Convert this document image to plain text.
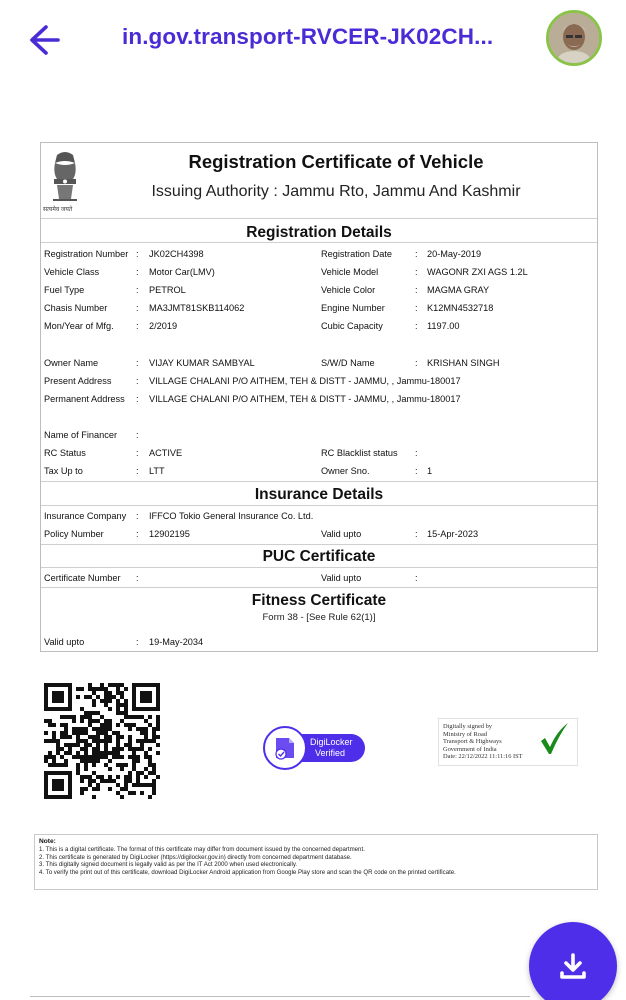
in.gov.transport-RVCER-JK02CH...
सत्यमेव जयते
Registration Certificate of Vehicle
Issuing Authority : Jammu Rto, Jammu And Kashmir
Registration Details
Registration Number : JK02CH4398	Registration Date	: 20-May-2019
Vehicle Class	: Motor Car(LMV)	Vehicle Model	: WAGONR ZXI AGS 1.2L
Fuel Type	: PETROL	Vehicle Color	: MAGMA GRAY
Chasis Number	: MA3JMT81SKB114062	Engine Number	: K12MN4532718
Mon/Year of Mfg. : 2/2019	Cubic Capacity	: 1197.00
Owner Name	: VIJAY KUMAR SAMBYAL	S/W/D Name	: KRISHAN SINGH
Present Address	: VILLAGE CHALANI P/O AITHEM, TEH & DISTT - JAMMU, , Jammu-180017
Permanent Address : VILLAGE CHALANI P/O AITHEM, TEH & DISTT - JAMMU, , Jammu-180017
Name of Financer :
RC Status	: ACTIVE	RC Blacklist status :
Tax Up to	: LTT	Owner Sno.	: 1
Insurance Details
Insurance Company : IFFCO Tokio General Insurance Co. Ltd.
Policy Number	: 12902195	Valid upto	: 15-Apr-2023
PUC Certificate
Certificate Number :	Valid upto	:
Fitness Certificate
Form 38 - [See Rule 62(1)]
Valid upto	: 19-May-2034
DigiLocker
Verified
Digitally signed by
Ministry of Road
Transport & Highways
Government of India
Date: 22/12/2022 11:11:16 IST
Note:
1. This is a digital certificate. The format of this certificate may differ from document issued by the concerned department.
2. This certificate is generated by DigiLocker (https://digilocker.gov.in) directly from concerned department database.
3. This digitally signed document is legally valid as per the IT Act 2000 when used electronically.
4. To verify the print out of this certificate, download DigiLocker Android application from Google Play store and scan the QR code on the printed certificate.
